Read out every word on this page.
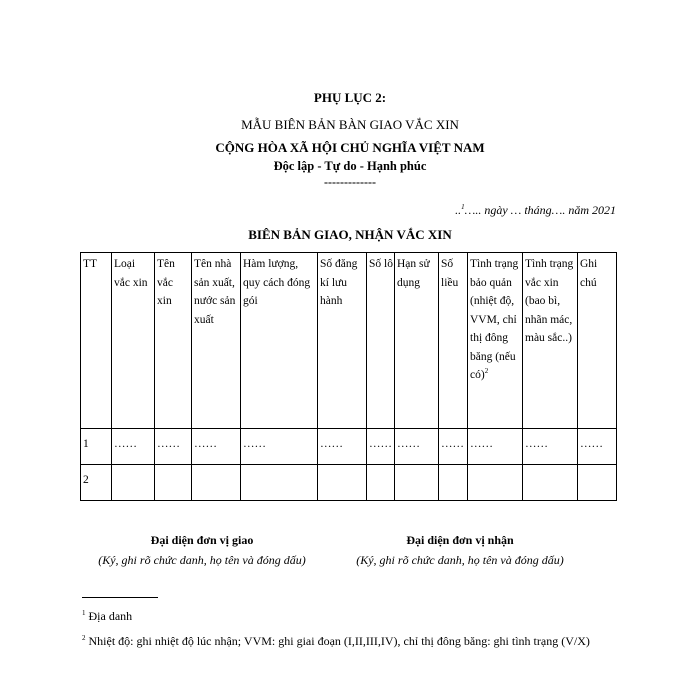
PHỤ LỤC 2:
MẪU BIÊN BẢN BÀN GIAO VẮC XIN
CỘNG HÒA XÃ HỘI CHỦ NGHĨA VIỆT NAM
Độc lập - Tự do - Hạnh phúc
-------------
..$^1$….. ngày … tháng…. năm 2021
BIÊN BẢN GIAO, NHẬN VẮC XIN
TT	Loại vắc xin	Tên vắc xin	Tên nhà sản xuất, nước sản xuất	Hàm lượng, quy cách đóng gói	Số đăng kí lưu hành	Số lô	Hạn sử dụng	Số liều	Tình trạng bảo quản (nhiệt độ, VVM, chỉ thị đông băng (nếu có)$^2$	Tình trạng vắc xin (bao bì, nhãn mác, màu sắc..)	Ghi chú
1	……	……	……	……	……	……	……	……	……	……	……
2											
Đại diện đơn vị giao
(Ký, ghi rõ chức danh, họ tên và đóng dấu)
Đại diện đơn vị nhận
(Ký, ghi rõ chức danh, họ tên và đóng dấu)
$^1$ Địa danh
$^2$ Nhiệt độ: ghi nhiệt độ lúc nhận; VVM: ghi giai đoạn (I,II,III,IV), chỉ thị đông băng: ghi tình trạng (V/X)
